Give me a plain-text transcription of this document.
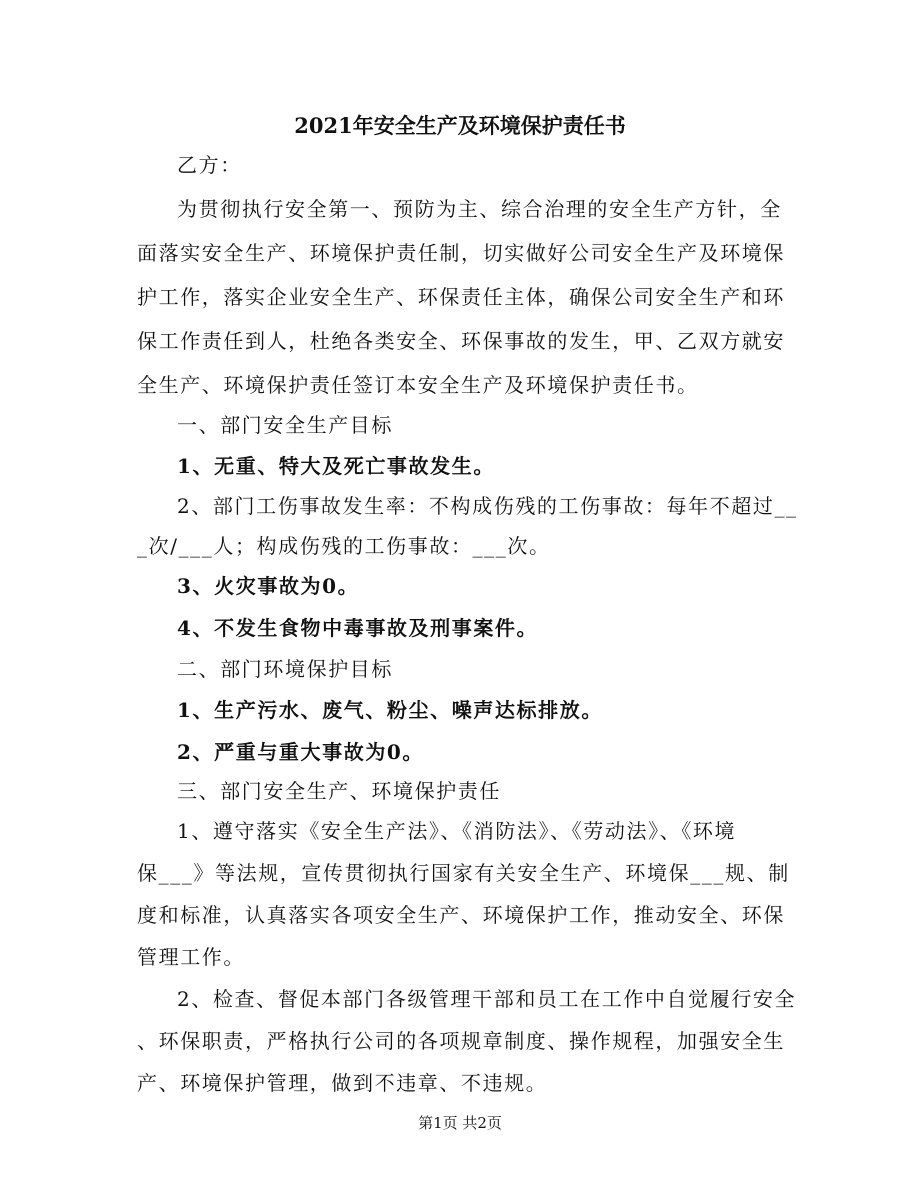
2021年安全生产及环境保护责任书
乙方：
为贯彻执行安全第一、预防为主、综合治理的安全生产方针，全
面落实安全生产、环境保护责任制，切实做好公司安全生产及环境保
护工作，落实企业安全生产、环保责任主体，确保公司安全生产和环
保工作责任到人，杜绝各类安全、环保事故的发生，甲、乙双方就安
全生产、环境保护责任签订本安全生产及环境保护责任书。
一、部门安全生产目标
1、无重、特大及死亡事故发生。
2、部门工伤事故发生率：不构成伤残的工伤事故：每年不超过__
_次/___人；构成伤残的工伤事故：___次。
3、火灾事故为0。
4、不发生食物中毒事故及刑事案件。
二、部门环境保护目标
1、生产污水、废气、粉尘、噪声达标排放。
2、严重与重大事故为0。
三、部门安全生产、环境保护责任
1、遵守落实《安全生产法》、《消防法》、《劳动法》、《环境
保___》等法规，宣传贯彻执行国家有关安全生产、环境保___规、制
度和标准，认真落实各项安全生产、环境保护工作，推动安全、环保
管理工作。
2、检查、督促本部门各级管理干部和员工在工作中自觉履行安全
、环保职责，严格执行公司的各项规章制度、操作规程，加强安全生
产、环境保护管理，做到不违章、不违规。
第1页 共2页
